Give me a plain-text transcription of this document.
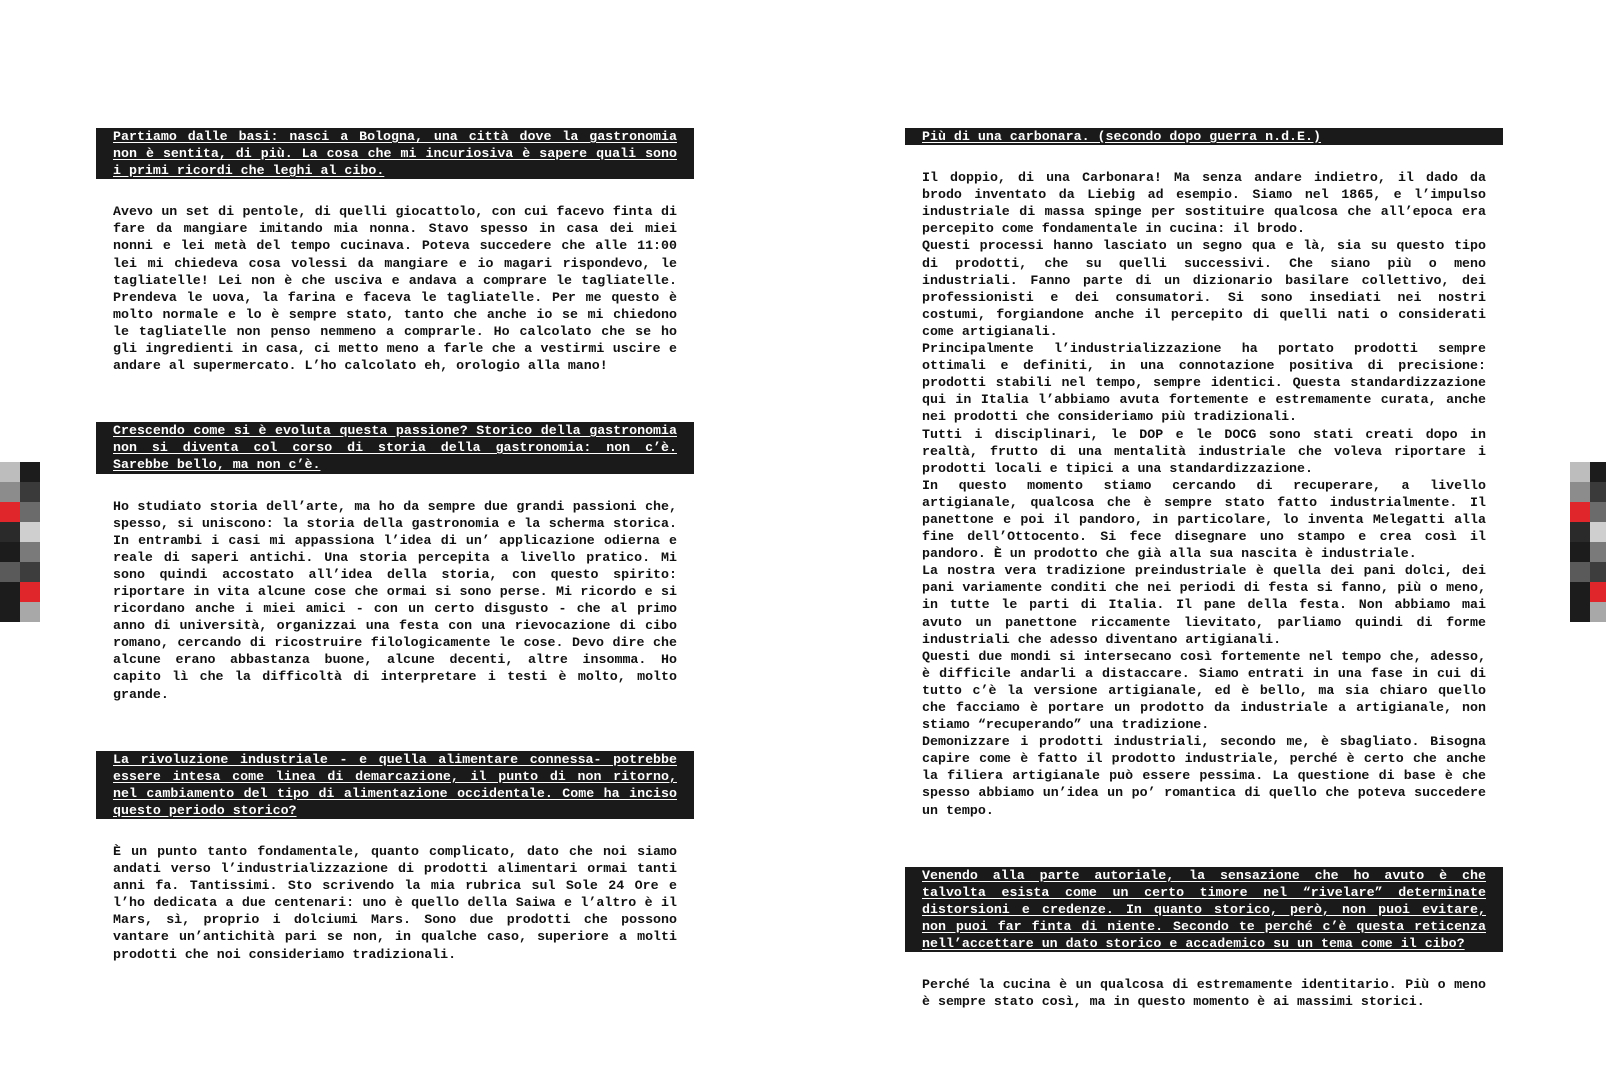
Partiamo dalle basi: nasci a Bologna, una città dove la gastronomia
non è sentita, di più. La cosa che mi incuriosiva è sapere quali sono
i primi ricordi che leghi al cibo.

Avevo un set di pentole, di quelli giocattolo, con cui facevo finta di fare da mangiare imitando mia nonna. Stavo spesso in casa dei miei nonni e lei metà del tempo cucinava. Poteva succedere che alle 11:00 lei mi chiedeva cosa volessi da mangiare e io magari rispondevo, le tagliatelle! Lei non è che usciva e andava a comprare le tagliatelle. Prendeva le uova, la farina e faceva le tagliatelle. Per me questo è molto normale e lo è sempre stato, tanto che anche io se mi chiedono le tagliatelle non penso nemmeno a comprarle. Ho calcolato che se ho gli ingredienti in casa, ci metto meno a farle che a vestirmi uscire e andare al supermercato. L’ho calcolato eh, orologio alla mano!

Crescendo come si è evoluta questa passione? Storico della gastronomia
non si diventa col corso di storia della gastronomia: non c’è.
Sarebbe bello, ma non c’è.

Ho studiato storia dell’arte, ma ho da sempre due grandi passioni che, spesso, si uniscono: la storia della gastronomia e la scherma storica. In entrambi i casi mi appassiona l’idea di un’ applicazione odierna e reale di saperi antichi. Una storia percepita a livello pratico. Mi sono quindi accostato all’idea della storia, con questo spirito: riportare in vita alcune cose che ormai si sono perse. Mi ricordo e si ricordano anche i miei amici - con un certo disgusto - che al primo anno di università, organizzai una festa con una rievocazione di cibo romano, cercando di ricostruire filologicamente le cose. Devo dire che alcune erano abbastanza buone, alcune decenti, altre insomma. Ho capito lì che la difficoltà di interpretare i testi è molto, molto grande.

La rivoluzione industriale - e quella alimentare connessa- potrebbe
essere intesa come linea di demarcazione, il punto di non ritorno,
nel cambiamento del tipo di alimentazione occidentale. Come ha inciso
questo periodo storico?

È un punto tanto fondamentale, quanto complicato, dato che noi siamo andati verso l’industrializzazione di prodotti alimentari ormai tanti anni fa. Tantissimi. Sto scrivendo la mia rubrica sul Sole 24 Ore e l’ho dedicata a due centenari: uno è quello della Saiwa e l’altro è il Mars, sì, proprio i dolciumi Mars. Sono due prodotti che possono vantare un’antichità pari se non, in qualche caso, superiore a molti prodotti che noi consideriamo tradizionali.

Più di una carbonara. (secondo dopo guerra n.d.E.)

Il doppio, di una Carbonara! Ma senza andare indietro, il dado da brodo inventato da Liebig ad esempio. Siamo nel 1865, e l’impulso industriale di massa spinge per sostituire qualcosa che all’epoca era percepito come fondamentale in cucina: il brodo.

Questi processi hanno lasciato un segno qua e là, sia su questo tipo di prodotti, che su quelli successivi. Che siano più o meno industriali. Fanno parte di un dizionario basilare collettivo, dei professionisti e dei consumatori. Si sono insediati nei nostri costumi, forgiandone anche il percepito di quelli nati o considerati come artigianali.

Principalmente l’industrializzazione ha portato prodotti sempre ottimali e definiti, in una connotazione positiva di precisione: prodotti stabili nel tempo, sempre identici. Questa standardizzazione qui in Italia l’abbiamo avuta fortemente e estremamente curata, anche nei prodotti che consideriamo più tradizionali.

Tutti i disciplinari, le DOP e le DOCG sono stati creati dopo in realtà, frutto di una mentalità industriale che voleva riportare i prodotti locali e tipici a una standardizzazione.

In questo momento stiamo cercando di recuperare, a livello artigianale, qualcosa che è sempre stato fatto industrialmente. Il panettone e poi il pandoro, in particolare, lo inventa Melegatti alla fine dell’Ottocento. Si fece disegnare uno stampo e crea così il pandoro. È un prodotto che già alla sua nascita è industriale.

La nostra vera tradizione preindustriale è quella dei pani dolci, dei pani variamente conditi che nei periodi di festa si fanno, più o meno, in tutte le parti di Italia. Il pane della festa. Non abbiamo mai avuto un panettone riccamente lievitato, parliamo quindi di forme industriali che adesso diventano artigianali.

Questi due mondi si intersecano così fortemente nel tempo che, adesso, è difficile andarli a distaccare. Siamo entrati in una fase in cui di tutto c’è la versione artigianale, ed è bello, ma sia chiaro quello che facciamo è portare un prodotto da industriale a artigianale, non stiamo “recuperando” una tradizione.

Demonizzare i prodotti industriali, secondo me, è sbagliato. Bisogna capire come è fatto il prodotto industriale, perché è certo che anche la filiera artigianale può essere pessima. La questione di base è che spesso abbiamo un’idea un po’ romantica di quello che poteva succedere un tempo.

Venendo alla parte autoriale, la sensazione che ho avuto è che
talvolta esista come un certo timore nel “rivelare” determinate
distorsioni e credenze. In quanto storico, però, non puoi evitare,
non puoi far finta di niente. Secondo te perché c’è questa reticenza
nell’accettare un dato storico e accademico su un tema come il cibo?

Perché la cucina è un qualcosa di estremamente identitario. Più o meno è sempre stato così, ma in questo momento è ai massimi storici.
